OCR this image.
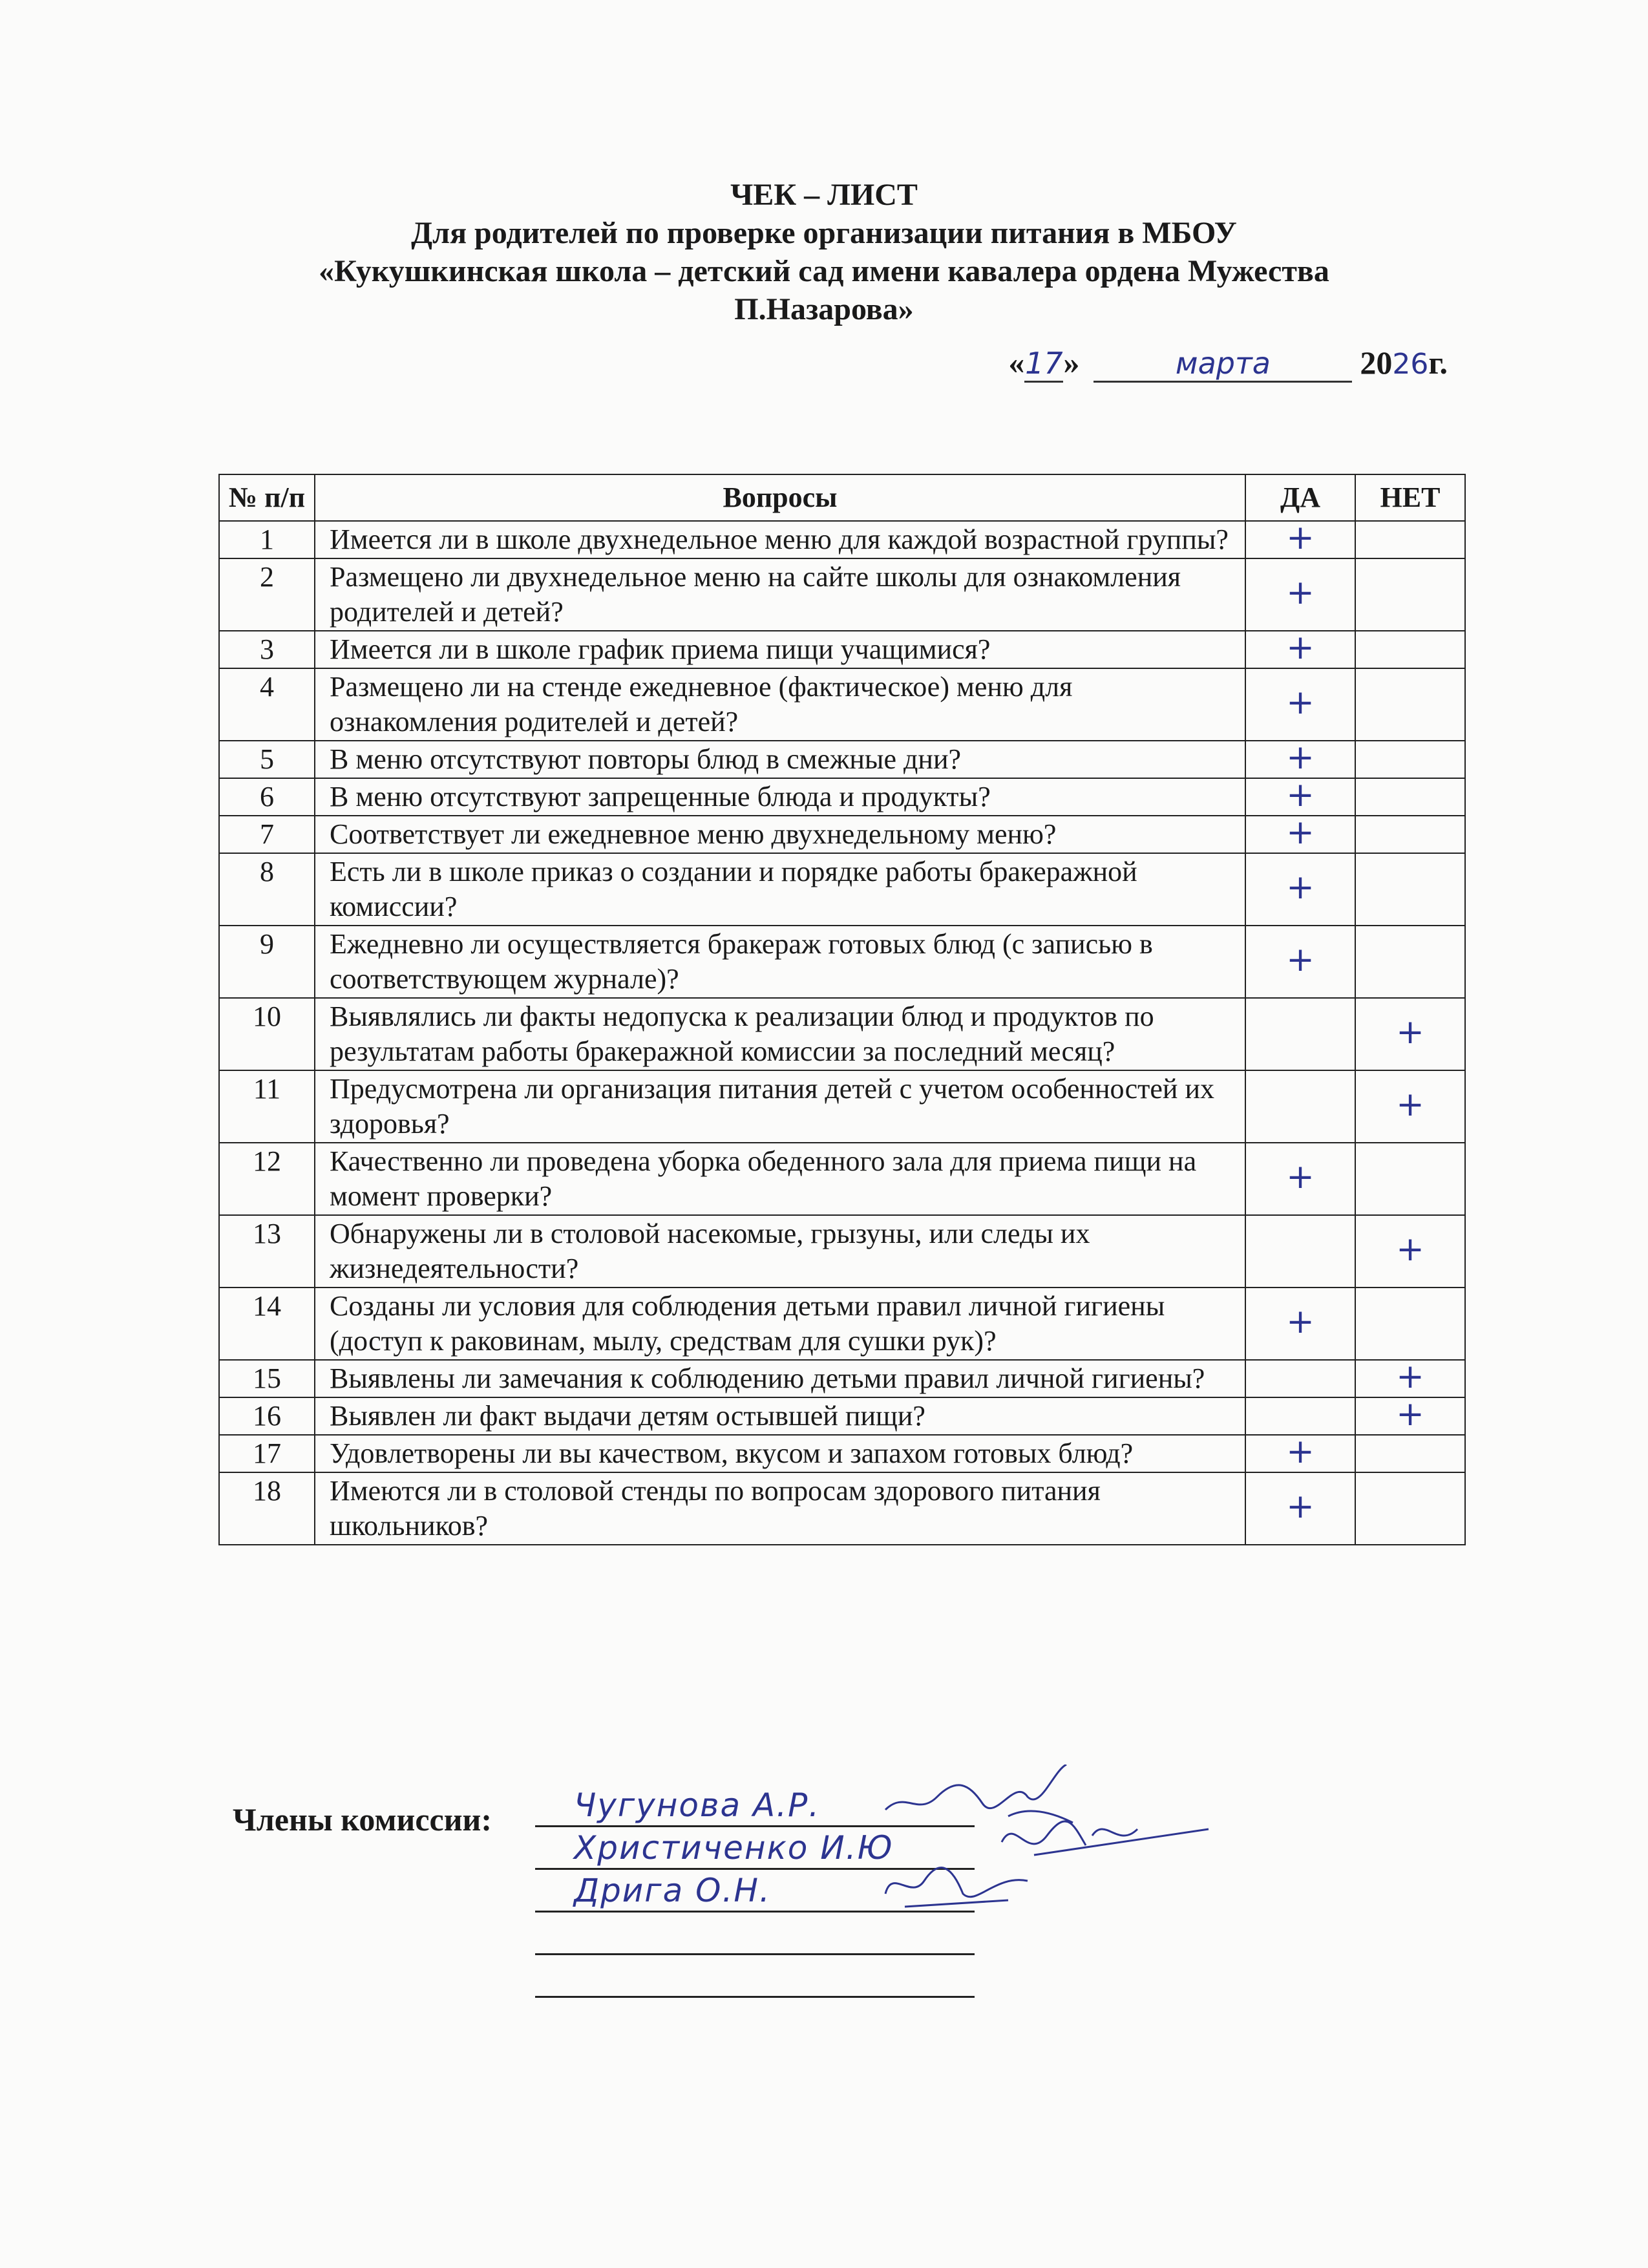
ЧЕК – ЛИСТ
Для родителей по проверке организации питания в МБОУ
«Кукушкинская школа – детский сад имени кавалера ордена Мужества
П.Назарова»
«17»	марта	2026г.
№ п/п	Вопросы	ДА	НЕТ
1	Имеется ли в школе двухнедельное меню для каждой возрастной группы?	+	
2	Размещено ли двухнедельное меню на сайте школы для ознакомления родителей и детей?	+	
3	Имеется ли в школе график приема пищи учащимися?	+	
4	Размещено ли на стенде ежедневное (фактическое) меню для ознакомления родителей и детей?	+	
5	В меню отсутствуют повторы блюд в смежные дни?	+	
6	В меню отсутствуют запрещенные блюда и продукты?	+	
7	Соответствует ли ежедневное меню двухнедельному меню?	+	
8	Есть ли в школе приказ о создании и порядке работы бракеражной комиссии?	+	
9	Ежедневно ли осуществляется бракераж готовых блюд (с записью в соответствующем журнале)?	+	
10	Выявлялись ли факты недопуска к реализации блюд и продуктов по результатам работы бракеражной комиссии за последний месяц?		+
11	Предусмотрена ли организация питания детей с учетом особенностей их здоровья?		+
12	Качественно ли проведена уборка обеденного зала для приема пищи на момент проверки?	+	
13	Обнаружены ли в столовой насекомые, грызуны, или следы их жизнедеятельности?		+
14	Созданы ли условия для соблюдения детьми правил личной гигиены (доступ к раковинам, мылу, средствам для сушки рук)?	+	
15	Выявлены ли замечания к соблюдению детьми правил личной гигиены?		+
16	Выявлен ли факт выдачи детям остывшей пищи?		+
17	Удовлетворены ли вы качеством, вкусом и запахом готовых блюд?	+	
18	Имеются ли в столовой стенды по вопросам здорового питания школьников?	+	
Члены комиссии:	Чугунова А.Р.
Христиченко И.Ю
Дрига О.Н.
